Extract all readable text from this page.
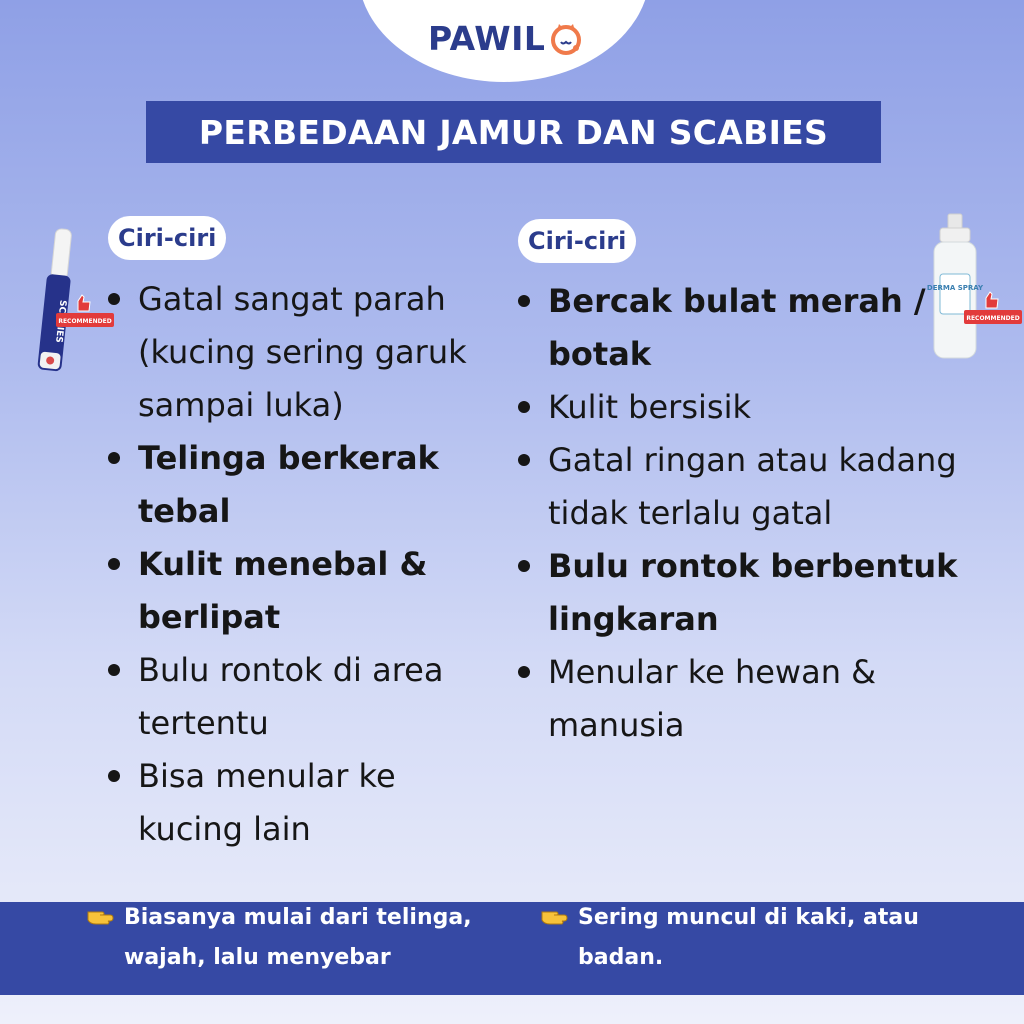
PAWIL
PERBEDAAN JAMUR DAN SCABIES
Ciri-ciri	Ciri-ciri
Gatal sangat parah (kucing sering garuk sampai luka)
Telinga berkerak tebal
Kulit menebal & berlipat
Bulu rontok di area tertentu
Bisa menular ke kucing lain
Bercak bulat merah / botak
Kulit bersisik
Gatal ringan atau kadang tidak terlalu gatal
Bulu rontok berbentuk lingkaran
Menular ke hewan & manusia
RECOMMENDED
DERMA SPRAY
RECOMMENDED
Biasanya mulai dari telinga, wajah, lalu menyebar
Sering muncul di kaki, atau badan.
